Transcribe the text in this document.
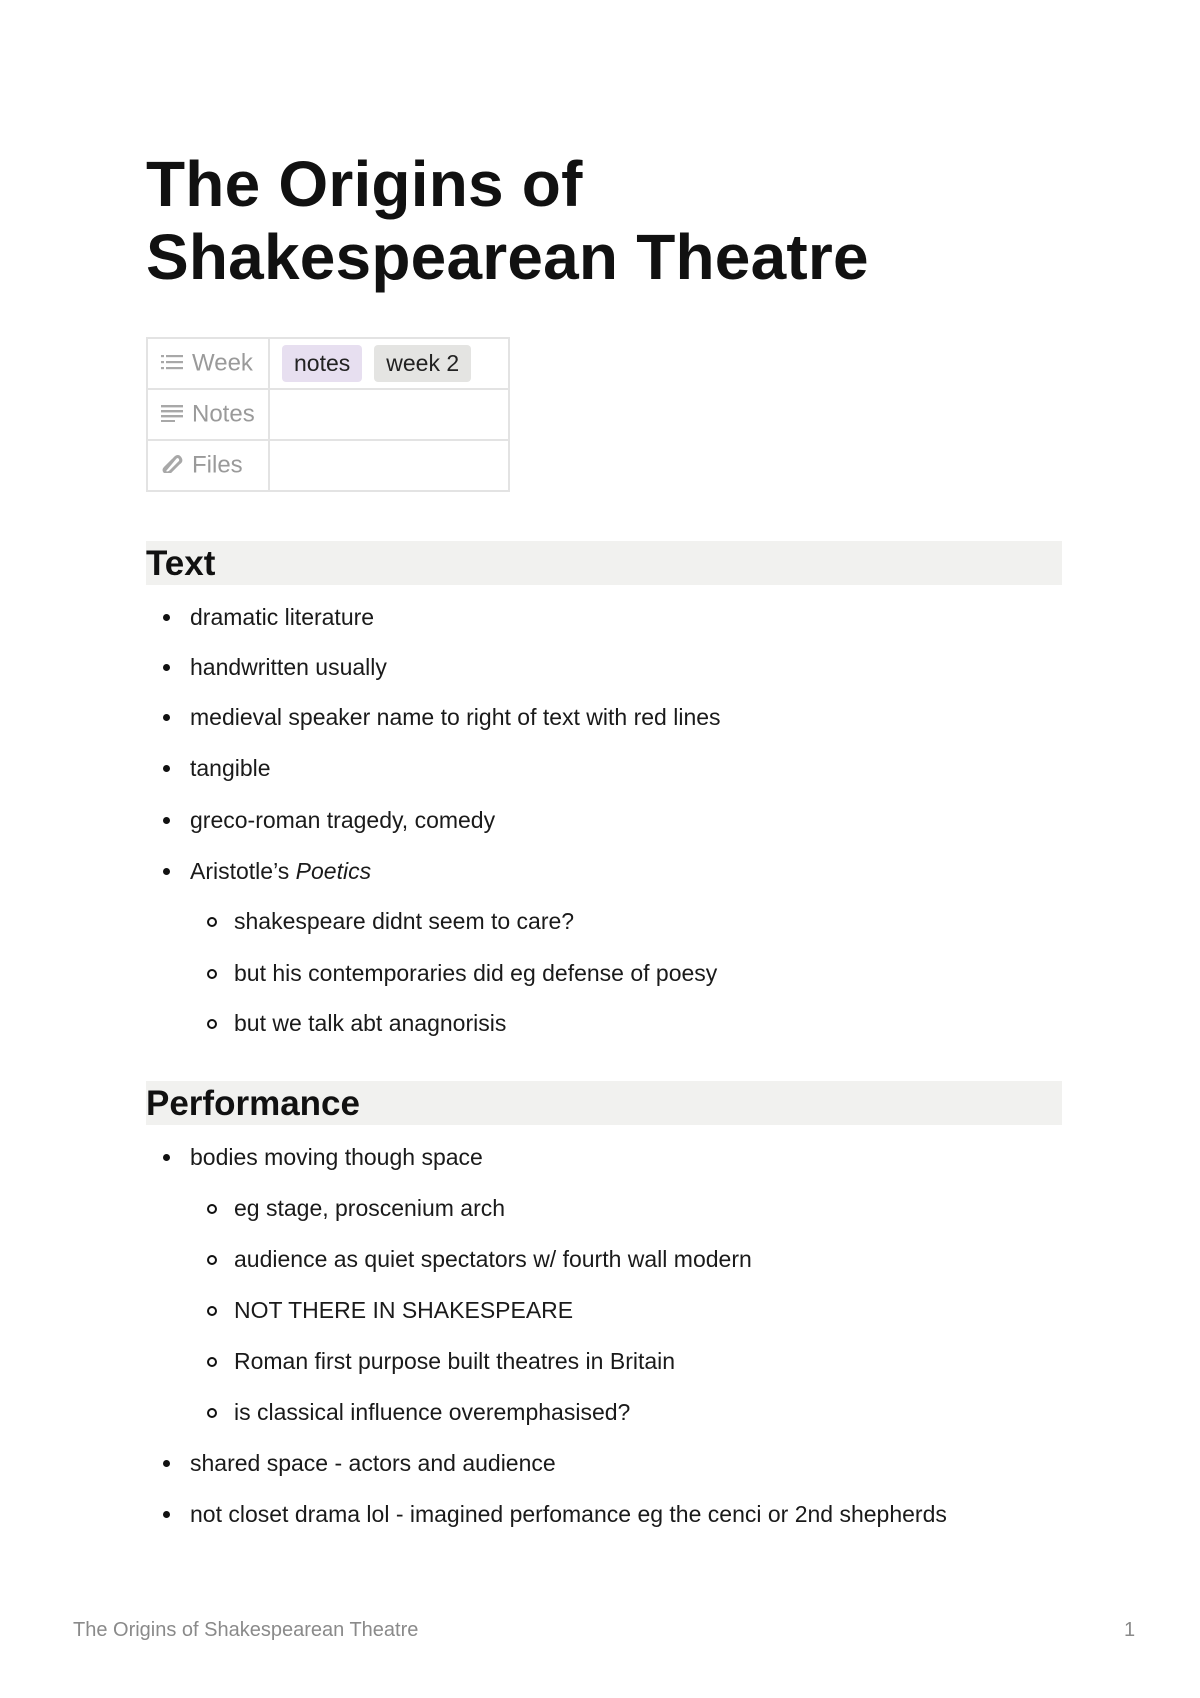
The Origins of Shakespearean Theatre
Week	notes week 2
Notes	
Files	
Text
dramatic literature
handwritten usually
medieval speaker name to right of text with red lines
tangible
greco-roman tragedy, comedy
Aristotle’s Poetics
shakespeare didnt seem to care?
but his contemporaries did eg defense of poesy
but we talk abt anagnorisis
Performance
bodies moving though space
eg stage, proscenium arch
audience as quiet spectators w/ fourth wall modern
NOT THERE IN SHAKESPEARE
Roman first purpose built theatres in Britain
is classical influence overemphasised?
shared space - actors and audience
not closet drama lol - imagined perfomance eg the cenci or 2nd shepherds
The Origins of Shakespearean Theatre	1
